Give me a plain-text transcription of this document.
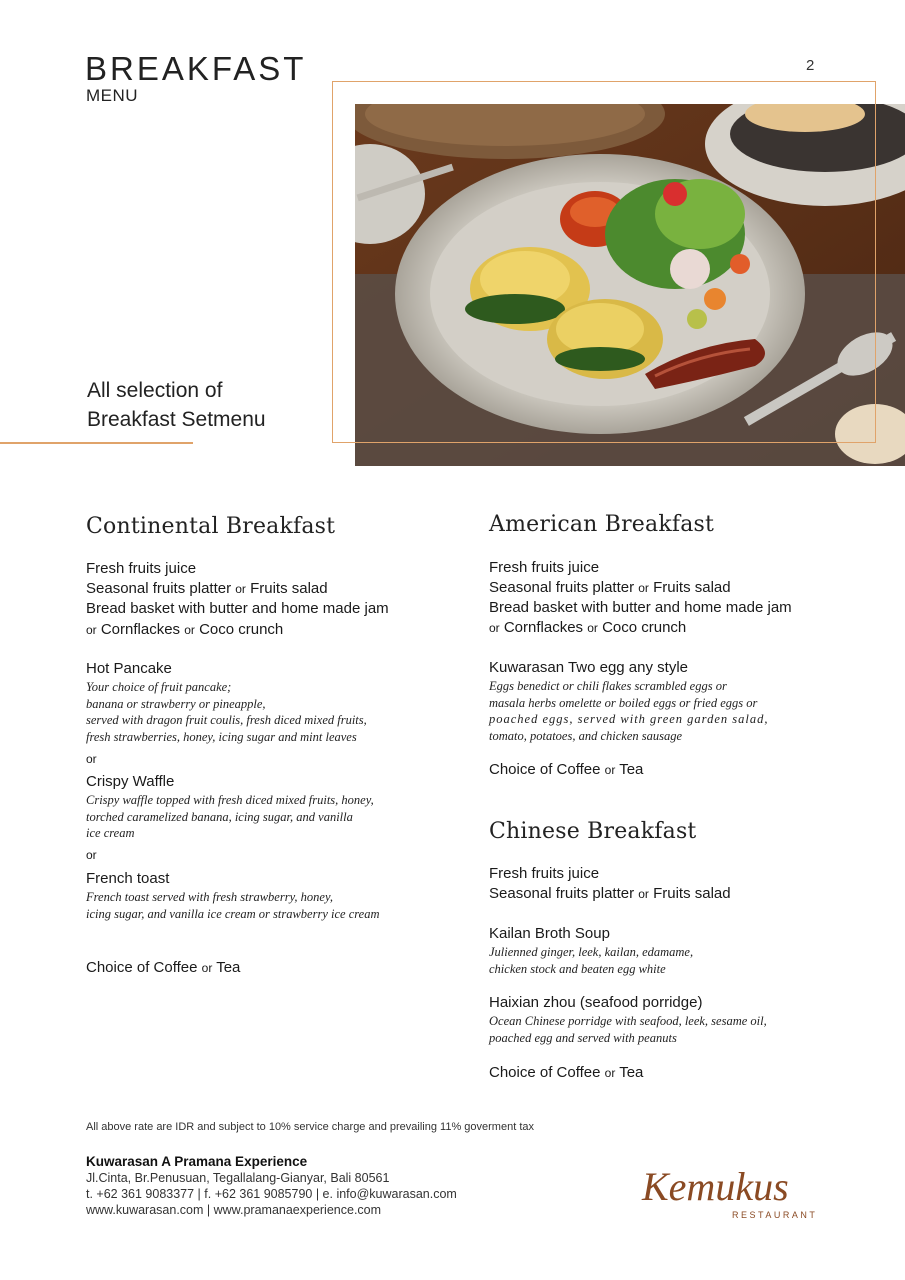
BREAKFAST
MENU
2
All selection of
Breakfast Setmenu
Continental Breakfast
Fresh fruits juice
Seasonal fruits platter or Fruits salad
Bread basket with butter and home made jam
or Cornflackes or Coco crunch
Hot Pancake
Your choice of fruit pancake;
banana or strawberry or pineapple,
served with dragon fruit coulis, fresh diced mixed fruits,
fresh strawberries, honey, icing sugar and mint leaves
or
Crispy Waffle
Crispy waffle topped with fresh diced mixed fruits, honey,
torched caramelized banana, icing sugar, and vanilla
ice cream
or
French toast
French toast served with fresh strawberry, honey,
icing sugar, and vanilla ice cream or strawberry ice cream
Choice of Coffee or Tea
American Breakfast
Fresh fruits juice
Seasonal fruits platter or Fruits salad
Bread basket with butter and home made jam
or Cornflackes or Coco crunch
Kuwarasan Two egg any style
Eggs benedict or chili flakes scrambled eggs or
masala herbs omelette or boiled eggs or fried eggs or
poached eggs, served with green garden salad,
tomato, potatoes, and chicken sausage
Choice of Coffee or Tea
Chinese Breakfast
Fresh fruits juice
Seasonal fruits platter or Fruits salad
Kailan Broth Soup
Julienned ginger, leek, kailan, edamame,
chicken stock and beaten egg white
Haixian zhou (seafood porridge)
Ocean Chinese porridge with seafood, leek, sesame oil,
poached egg and served with peanuts
Choice of Coffee or Tea
All above rate are IDR and subject to 10% service charge and prevailing 11% goverment tax
Kuwarasan A Pramana Experience
Jl.Cinta, Br.Penusuan, Tegallalang-Gianyar, Bali 80561
t. +62 361 9083377 | f. +62 361 9085790 | e. info@kuwarasan.com
www.kuwarasan.com | www.pramanaexperience.com
Kemukus
RESTAURANT
